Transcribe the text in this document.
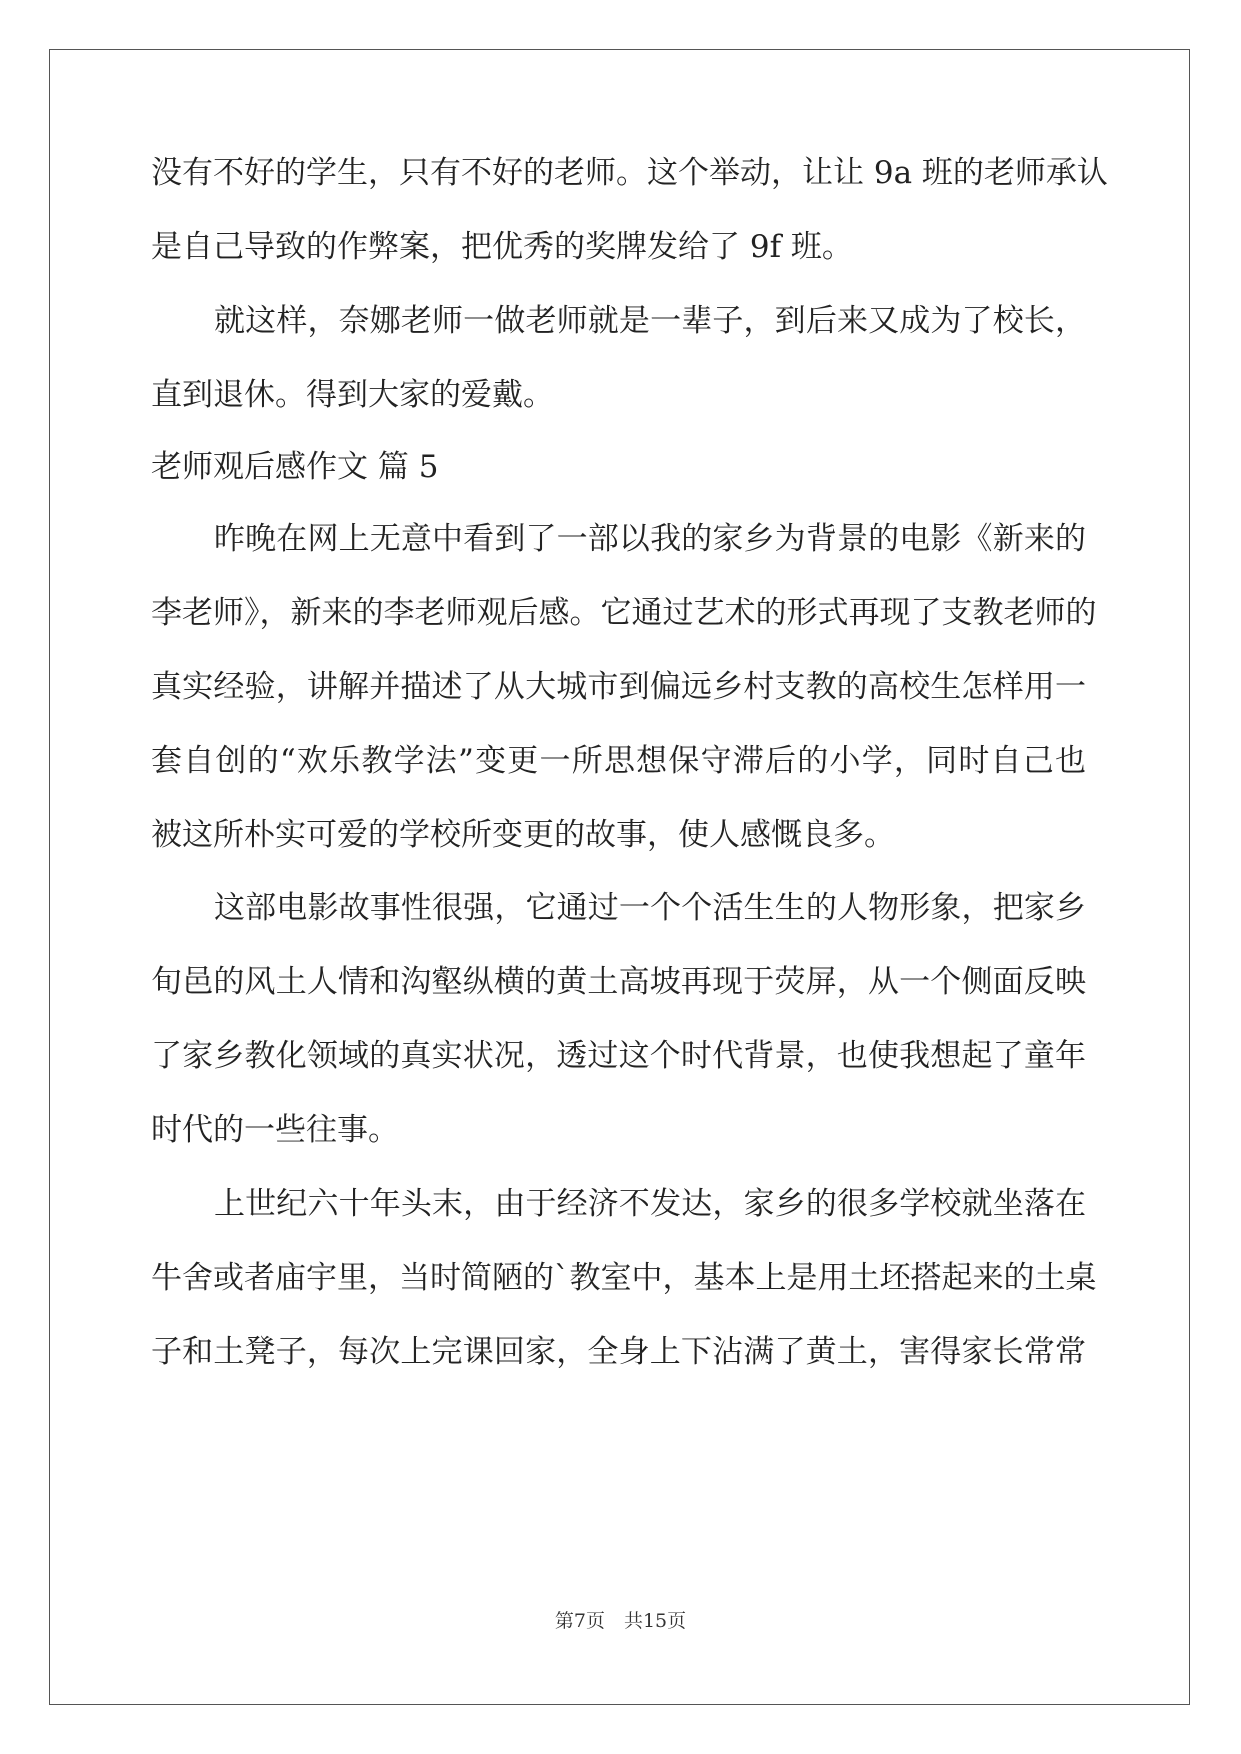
没有不好的学生，只有不好的老师。这个举动，让让 9a 班的老师承认
是自己导致的作弊案，把优秀的奖牌发给了 9f 班。
就这样，奈娜老师一做老师就是一辈子，到后来又成为了校长，
直到退休。得到大家的爱戴。
老师观后感作文 篇 5
昨晚在网上无意中看到了一部以我的家乡为背景的电影《新来的
李老师》，新来的李老师观后感。它通过艺术的形式再现了支教老师的
真实经验，讲解并描述了从大城市到偏远乡村支教的高校生怎样用一
套自创的“欢乐教学法”变更一所思想保守滞后的小学，同时自己也
被这所朴实可爱的学校所变更的故事，使人感慨良多。
这部电影故事性很强，它通过一个个活生生的人物形象，把家乡
旬邑的风土人情和沟壑纵横的黄土高坡再现于荧屏，从一个侧面反映
了家乡教化领域的真实状况，透过这个时代背景，也使我想起了童年
时代的一些往事。
上世纪六十年头末，由于经济不发达，家乡的很多学校就坐落在
牛舍或者庙宇里，当时简陋的`教室中，基本上是用土坯搭起来的土桌
子和土凳子，每次上完课回家，全身上下沾满了黄土，害得家长常常
第7页　共15页
